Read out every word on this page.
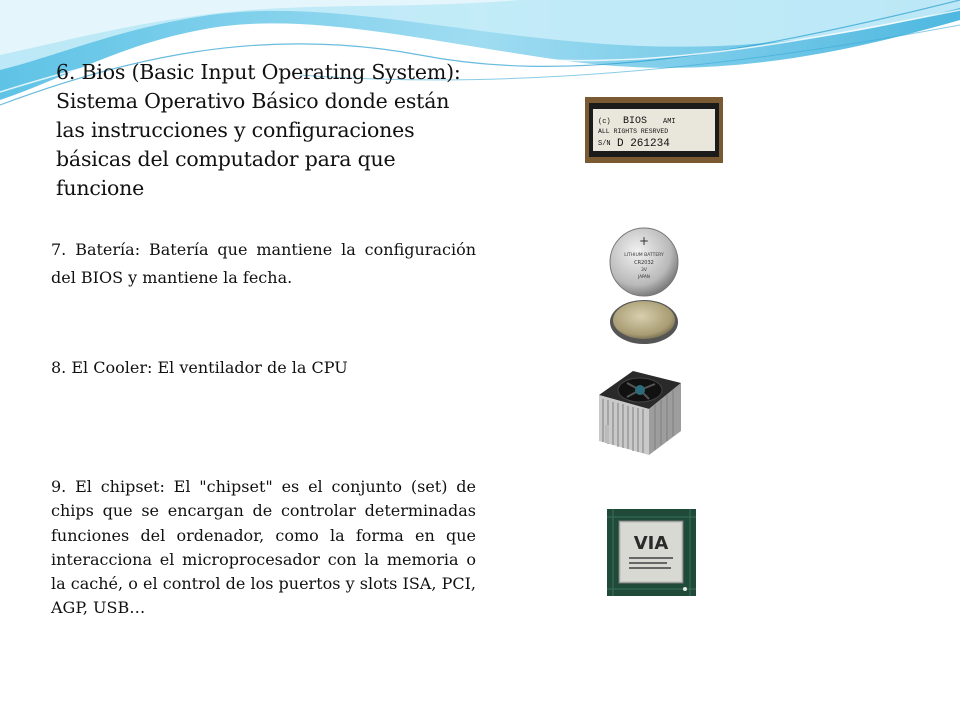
6. Bios (Basic Input Operating System): Sistema Operativo Básico donde están las instrucciones y configuraciones básicas del computador para que funcione

7. Batería: Batería que mantiene la configuración del BIOS y mantiene la fecha.

8. El Cooler: El ventilador de la CPU

9. El chipset: El "chipset" es el conjunto (set) de chips que se encargan de controlar determinadas funciones del ordenador, como la forma en que interacciona el microprocesador con la memoria o la caché, o el control de los puertos y slots ISA, PCI, AGP, USB…

(c) BIOS AMI
ALL RIGHTS RESRVED
S/N D 261234
+
LITHIUM BATTERY
CR2032
3V
JAPAN
VIA
